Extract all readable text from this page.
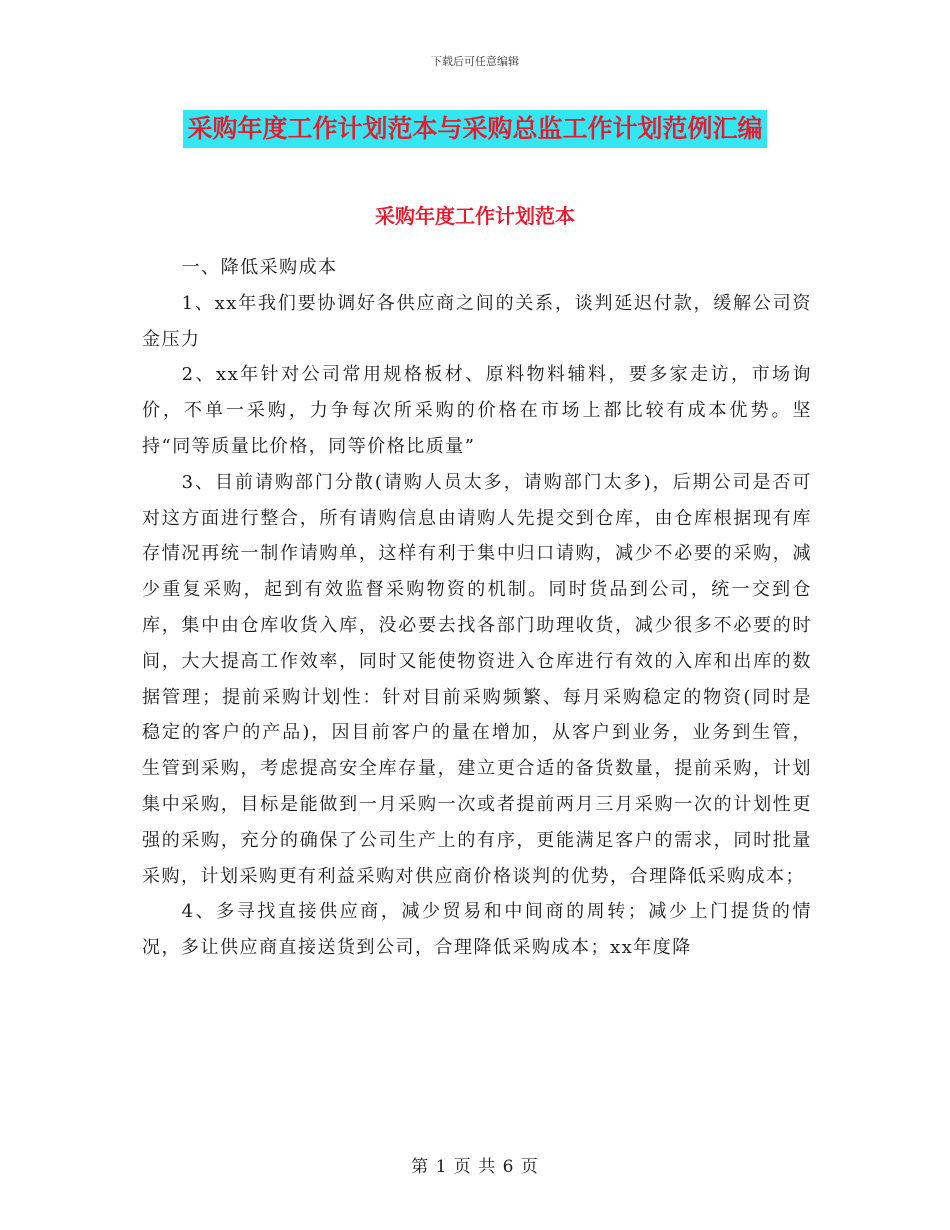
下载后可任意编辑
采购年度工作计划范本与采购总监工作计划范例汇编
采购年度工作计划范本

一、降低采购成本

1、xx年我们要协调好各供应商之间的关系，谈判延迟付款，缓解公司资金压力

2、xx年针对公司常用规格板材、原料物料辅料，要多家走访，市场询价，不单一采购，力争每次所采购的价格在市场上都比较有成本优势。坚持“同等质量比价格，同等价格比质量”

3、目前请购部门分散(请购人员太多，请购部门太多)，后期公司是否可对这方面进行整合，所有请购信息由请购人先提交到仓库，由仓库根据现有库存情况再统一制作请购单，这样有利于集中归口请购，减少不必要的采购，减少重复采购，起到有效监督采购物资的机制。同时货品到公司，统一交到仓库，集中由仓库收货入库，没必要去找各部门助理收货，减少很多不必要的时间，大大提高工作效率，同时又能使物资进入仓库进行有效的入库和出库的数据管理；提前采购计划性：针对目前采购频繁、每月采购稳定的物资(同时是稳定的客户的产品)，因目前客户的量在增加，从客户到业务，业务到生管，生管到采购，考虑提高安全库存量，建立更合适的备货数量，提前采购，计划集中采购，目标是能做到一月采购一次或者提前两月三月采购一次的计划性更强的采购，充分的确保了公司生产上的有序，更能满足客户的需求，同时批量采购，计划采购更有利益采购对供应商价格谈判的优势，合理降低采购成本；

4、多寻找直接供应商，减少贸易和中间商的周转；减少上门提货的情况，多让供应商直接送货到公司，合理降低采购成本；xx年度降

第 1 页 共 6 页
